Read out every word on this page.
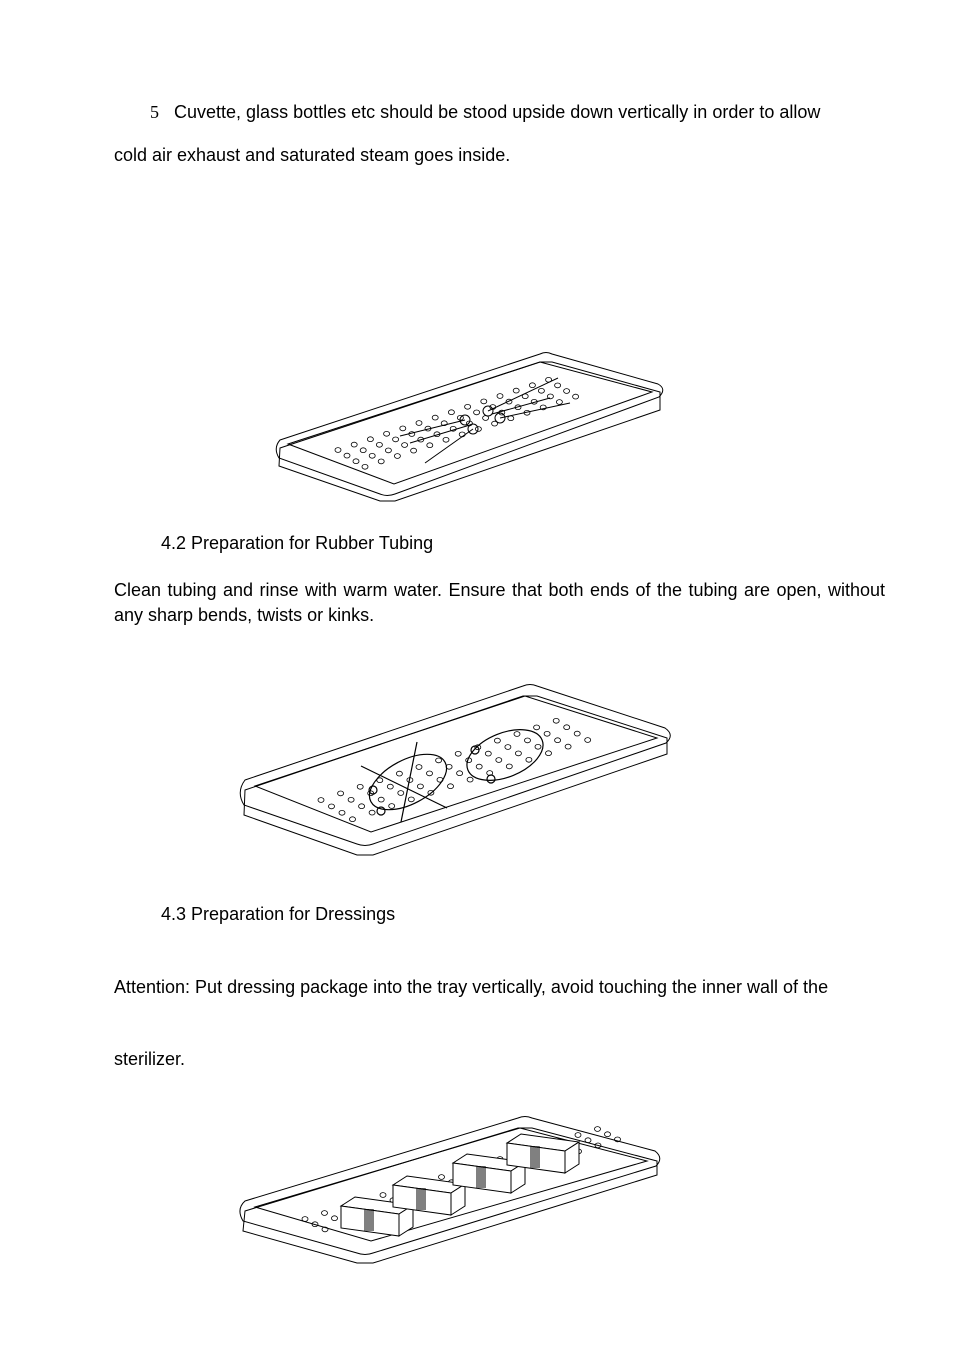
5 Cuvette, glass bottles etc should be stood upside down vertically in order to allow
cold air exhaust and saturated steam goes inside.
4.2 Preparation for Rubber Tubing
Clean tubing and rinse with warm water. Ensure that both ends of the tubing are open, without any sharp bends, twists or kinks.
4.3 Preparation for Dressings
Attention: Put dressing package into the tray vertically, avoid touching the inner wall of the
sterilizer.
